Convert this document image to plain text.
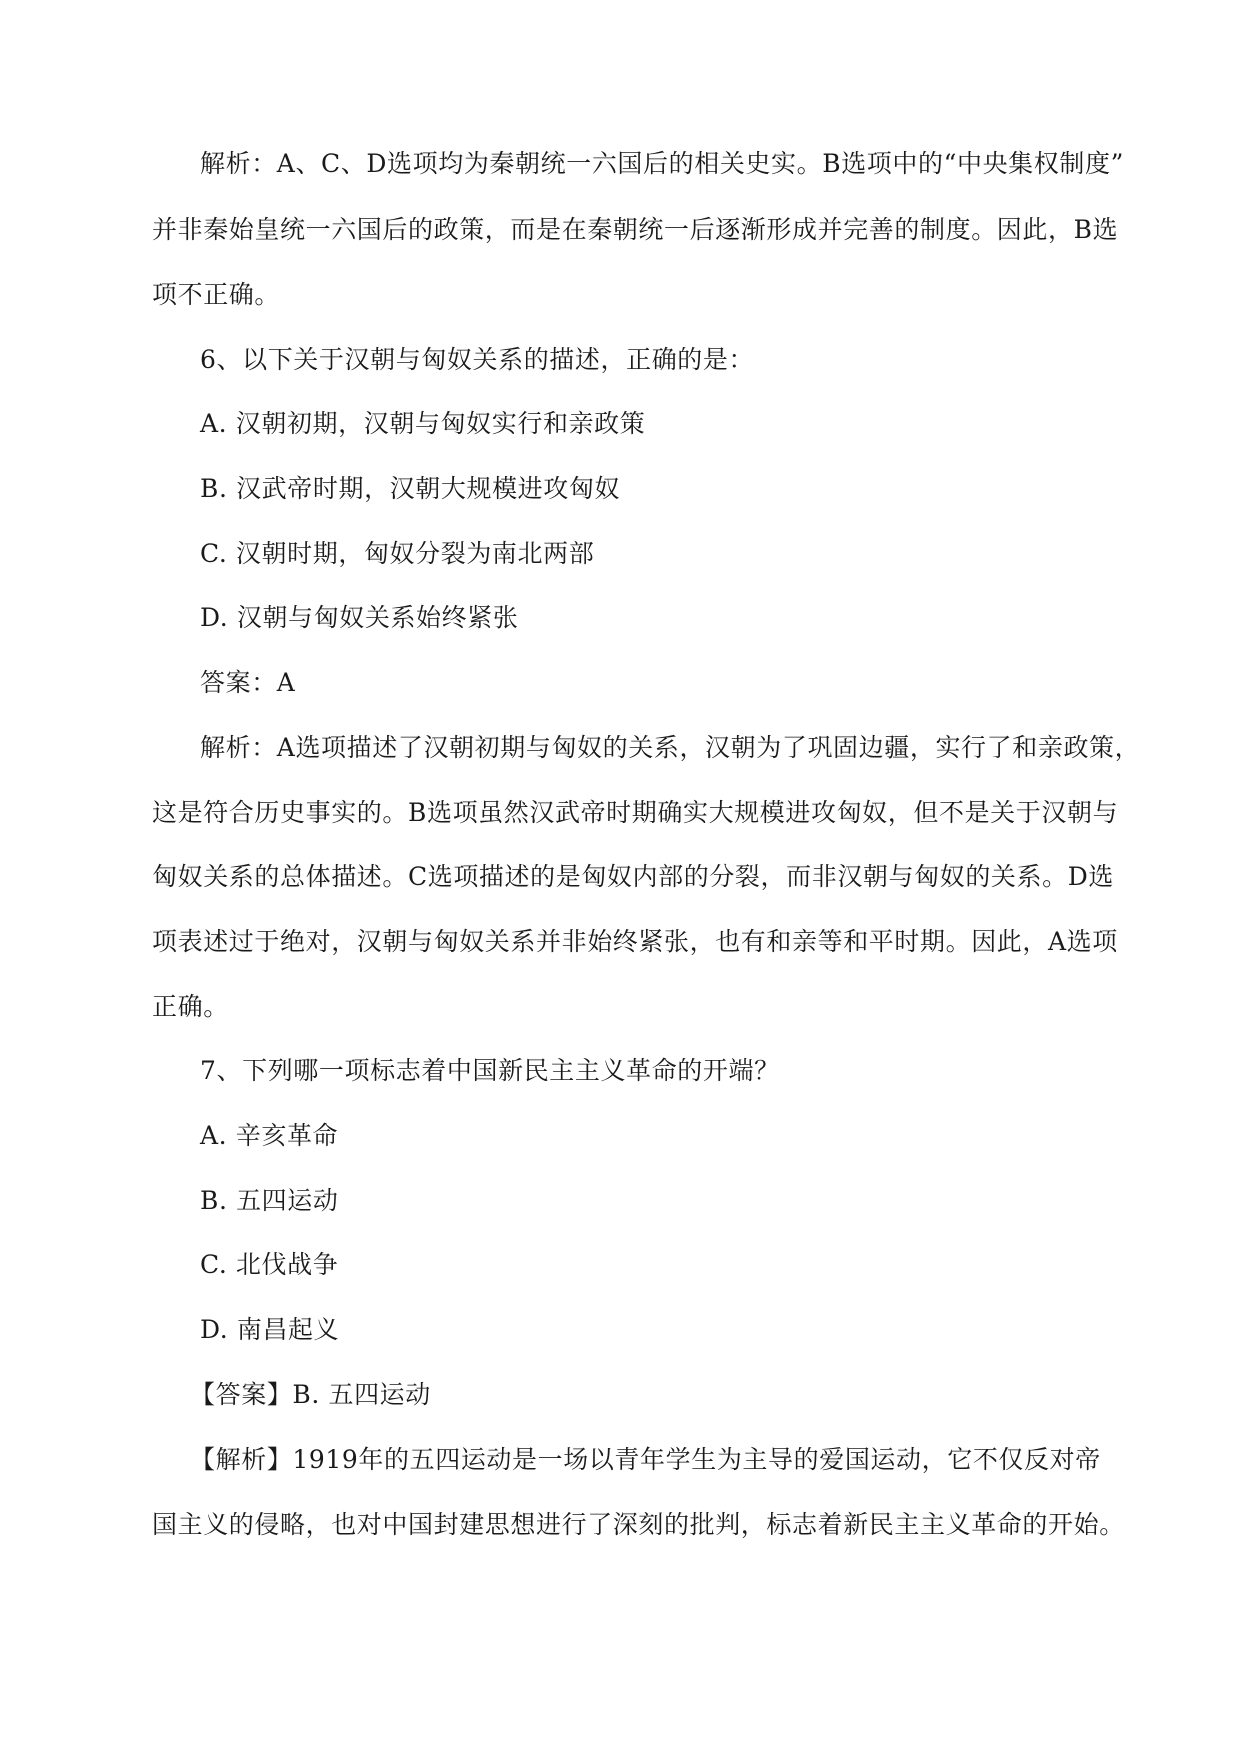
解析：A、C、D选项均为秦朝统一六国后的相关史实。B选项中的“中央集权制度”
并非秦始皇统一六国后的政策，而是在秦朝统一后逐渐形成并完善的制度。因此，B选
项不正确。
6、以下关于汉朝与匈奴关系的描述，正确的是：
A. 汉朝初期，汉朝与匈奴实行和亲政策
B. 汉武帝时期，汉朝大规模进攻匈奴
C. 汉朝时期，匈奴分裂为南北两部
D. 汉朝与匈奴关系始终紧张
答案：A
解析：A选项描述了汉朝初期与匈奴的关系，汉朝为了巩固边疆，实行了和亲政策，
这是符合历史事实的。B选项虽然汉武帝时期确实大规模进攻匈奴，但不是关于汉朝与
匈奴关系的总体描述。C选项描述的是匈奴内部的分裂，而非汉朝与匈奴的关系。D选
项表述过于绝对，汉朝与匈奴关系并非始终紧张，也有和亲等和平时期。因此，A选项
正确。
7、下列哪一项标志着中国新民主主义革命的开端？
A. 辛亥革命
B. 五四运动
C. 北伐战争
D. 南昌起义
【答案】B. 五四运动
【解析】1919年的五四运动是一场以青年学生为主导的爱国运动，它不仅反对帝
国主义的侵略，也对中国封建思想进行了深刻的批判，标志着新民主主义革命的开始。
